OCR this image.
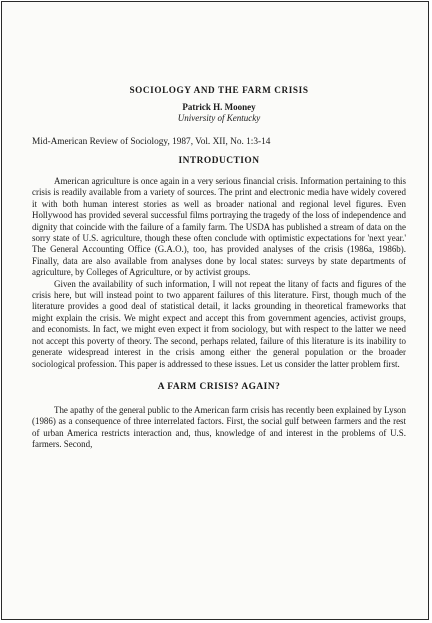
SOCIOLOGY AND THE FARM CRISIS

Patrick H. Mooney

University of Kentucky

Mid-American Review of Sociology, 1987, Vol. XII, No. 1:3-14

INTRODUCTION

American agriculture is once again in a very serious financial crisis. Information pertaining to this crisis is readily available from a variety of sources. The print and electronic media have widely covered it with both human interest stories as well as broader national and regional level figures. Even Hollywood has provided several successful films portraying the tragedy of the loss of independence and dignity that coincide with the failure of a family farm. The USDA has published a stream of data on the sorry state of U.S. agriculture, though these often conclude with optimistic expectations for 'next year.' The General Accounting Office (G.A.O.), too, has provided analyses of the crisis (1986a, 1986b). Finally, data are also available from analyses done by local states: surveys by state departments of agriculture, by Colleges of Agriculture, or by activist groups.

Given the availability of such information, I will not repeat the litany of facts and figures of the crisis here, but will instead point to two apparent failures of this literature. First, though much of the literature provides a good deal of statistical detail, it lacks grounding in theoretical frameworks that might explain the crisis. We might expect and accept this from government agencies, activist groups, and economists. In fact, we might even expect it from sociology, but with respect to the latter we need not accept this poverty of theory. The second, perhaps related, failure of this literature is its inability to generate widespread interest in the crisis among either the general population or the broader sociological profession. This paper is addressed to these issues. Let us consider the latter problem first.

A FARM CRISIS? AGAIN?

The apathy of the general public to the American farm crisis has recently been explained by Lyson (1986) as a consequence of three interrelated factors. First, the social gulf between farmers and the rest of urban America restricts interaction and, thus, knowledge of and interest in the problems of U.S. farmers. Second,
